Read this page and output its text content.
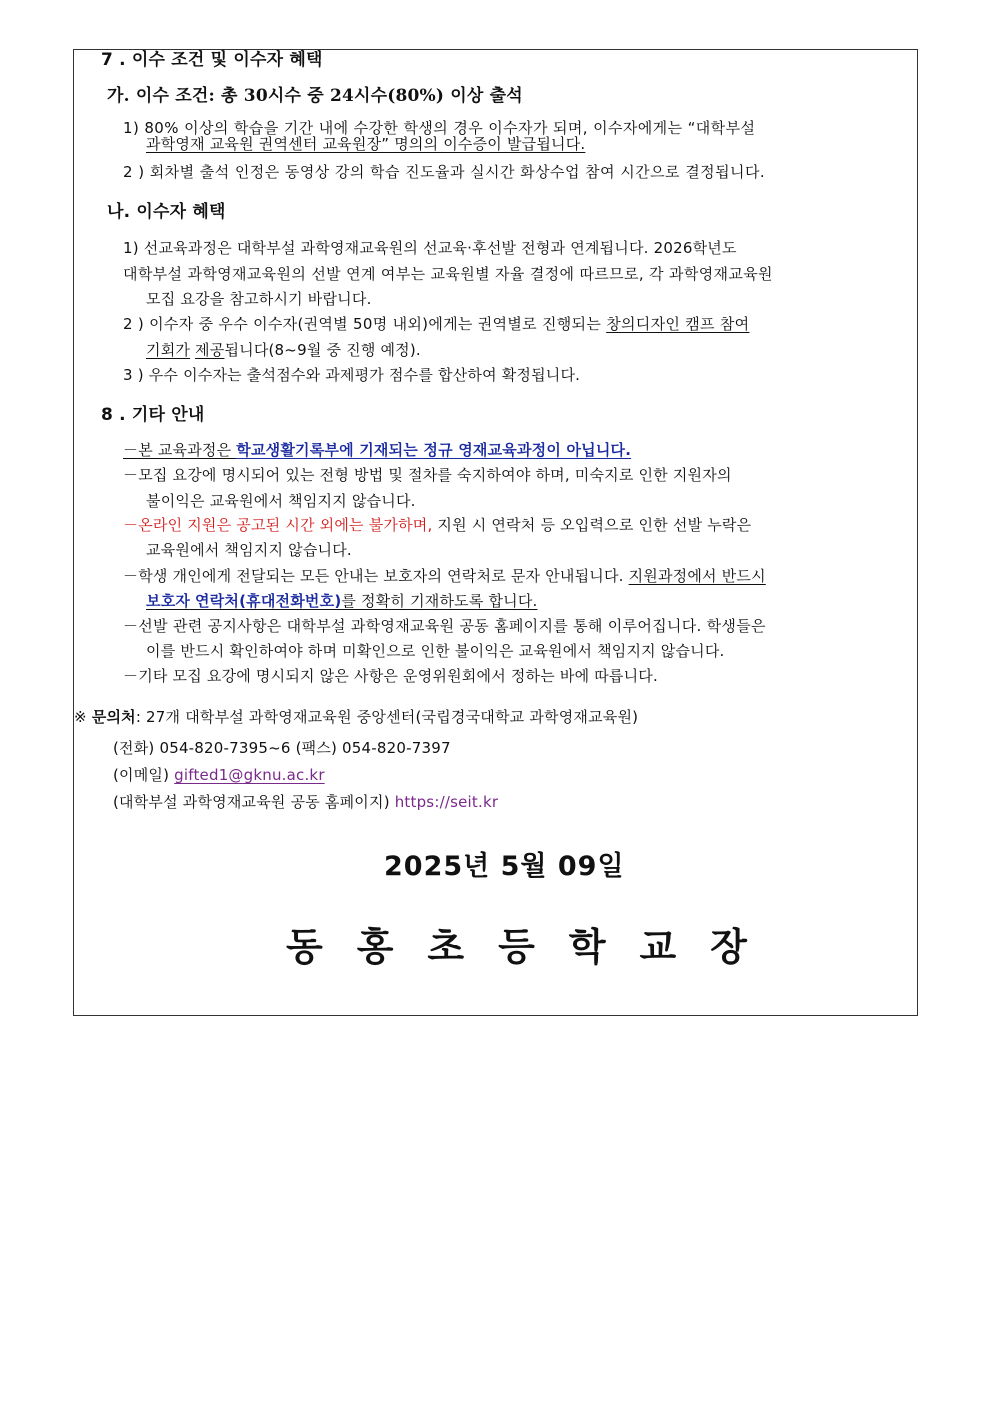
7 . 이수 조건 및 이수자 혜택
가. 이수 조건: 총 30시수 중 24시수(80%) 이상 출석
1) 80% 이상의 학습을 기간 내에 수강한 학생의 경우 이수자가 되며, 이수자에게는 “대학부설
과학영재 교육원 권역센터 교육원장” 명의의 이수증이 발급됩니다.
2 ) 회차별 출석 인정은 동영상 강의 학습 진도율과 실시간 화상수업 참여 시간으로 결정됩니다.
나. 이수자 혜택
1) 선교육과정은 대학부설 과학영재교육원의 선교육·후선발 전형과 연계됩니다. 2026학년도
대학부설 과학영재교육원의 선발 연계 여부는 교육원별 자율 결정에 따르므로, 각 과학영재교육원
모집 요강을 참고하시기 바랍니다.
2 ) 이수자 중 우수 이수자(권역별 50명 내외)에게는 권역별로 진행되는 창의디자인 캠프 참여
기회가 제공됩니다(8~9월 중 진행 예정).
3 ) 우수 이수자는 출석점수와 과제평가 점수를 합산하여 확정됩니다.
8 . 기타 안내
－본 교육과정은 학교생활기록부에 기재되는 정규 영재교육과정이 아닙니다.
－모집 요강에 명시되어 있는 전형 방법 및 절차를 숙지하여야 하며, 미숙지로 인한 지원자의
불이익은 교육원에서 책임지지 않습니다.
－온라인 지원은 공고된 시간 외에는 불가하며, 지원 시 연락처 등 오입력으로 인한 선발 누락은
교육원에서 책임지지 않습니다.
－학생 개인에게 전달되는 모든 안내는 보호자의 연락처로 문자 안내됩니다. 지원과정에서 반드시
보호자 연락처(휴대전화번호)를 정확히 기재하도록 합니다.
－선발 관련 공지사항은 대학부설 과학영재교육원 공동 홈페이지를 통해 이루어집니다. 학생들은
이를 반드시 확인하여야 하며 미확인으로 인한 불이익은 교육원에서 책임지지 않습니다.
－기타 모집 요강에 명시되지 않은 사항은 운영위원회에서 정하는 바에 따릅니다.
※ 문의처: 27개 대학부설 과학영재교육원 중앙센터(국립경국대학교 과학영재교육원)
(전화) 054-820-7395~6 (팩스) 054-820-7397
(이메일) gifted1@gknu.ac.kr
(대학부설 과학영재교육원 공동 홈페이지) https://seit.kr
2025년 5월 09일
동홍초등학교장
